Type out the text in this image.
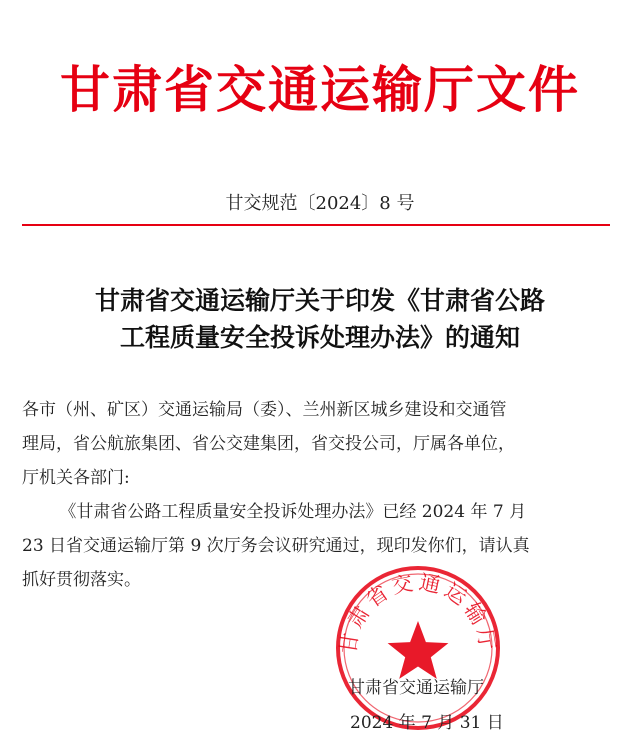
甘肃省交通运输厅文件
甘交规范〔2024〕8 号
甘肃省交通运输厅关于印发《甘肃省公路
工程质量安全投诉处理办法》的通知

各市（州、矿区）交通运输局（委）、兰州新区城乡建设和交通管

理局，省公航旅集团、省公交建集团，省交投公司，厅属各单位，

厅机关各部门:

《甘肃省公路工程质量安全投诉处理办法》已经 2024 年 7 月

23 日省交通运输厅第 9 次厅务会议研究通过，现印发你们，请认真

抓好贯彻落实。

甘肃省交通运输厅
甘肃省交通运输厅
2024 年 7 月 31 日
